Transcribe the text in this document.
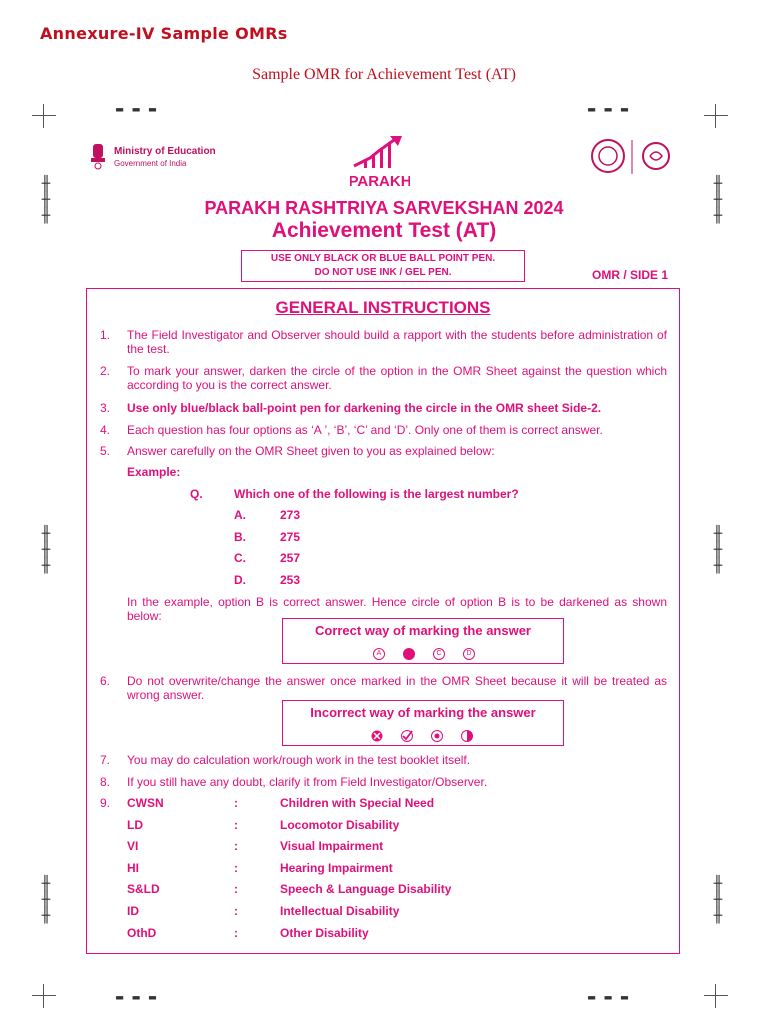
Annexure-IV Sample OMRs
Sample OMR for Achievement Test (AT)
▬ ▬ ▬	▬ ▬ ▬
▬ ▬ ▬	▬ ▬ ▬
╫
╫
╫
╫
╫
╫
╫
╫
╫
╫
╫
╫
╫
╫
╫
╫
╫
╫
Ministry of Education
Government of India
PARAKH
PARAKH RASHTRIYA SARVEKSHAN 2024
Achievement Test (AT)
USE ONLY BLACK OR BLUE BALL POINT PEN.
DO NOT USE INK / GEL PEN.	OMR / SIDE 1
GENERAL INSTRUCTIONS
1.	The Field Investigator and Observer should build a rapport with the students before administration of the test.
2.	To mark your answer, darken the circle of the option in the OMR Sheet against the question which according to you is the correct answer.
3.	Use only blue/black ball-point pen for darkening the circle in the OMR sheet Side-2.
4.	Each question has four options as ‘A ’, ‘B’, ‘C’ and ‘D’. Only one of them is correct answer.
5.	Answer carefully on the OMR Sheet given to you as explained below:
Example:
Q.	Which one of the following is the largest number?
A.	273
B.	275
C.	257
D.	253
In the example, option B is correct answer. Hence circle of option B is to be darkened as shown below:
Correct way of marking the answer
A	C	D
6.	Do not overwrite/change the answer once marked in the OMR Sheet because it will be treated as wrong answer.
Incorrect way of marking the answer
7.	You may do calculation work/rough work in the test booklet itself.
8.	If you still have any doubt, clarify it from Field Investigator/Observer.
9.	CWSN	:	Children with Special Need
LD	:	Locomotor Disability
VI	:	Visual Impairment
HI	:	Hearing Impairment
S&LD	:	Speech & Language Disability
ID	:	Intellectual Disability
OthD	:	Other Disability
